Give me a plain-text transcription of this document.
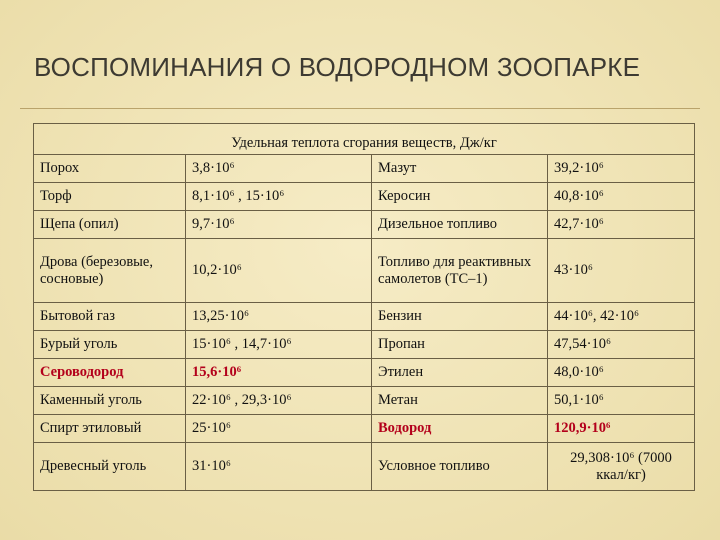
ВОСПОМИНАНИЯ О ВОДОРОДНОМ ЗООПАРКЕ
Удельная теплота сгорания веществ, Дж/кг			
Порох	3,8·10⁶	Мазут	39,2·10⁶
Торф	8,1·10⁶ , 15·10⁶	Керосин	40,8·10⁶
Щепа (опил)	9,7·10⁶	Дизельное топливо	42,7·10⁶
Дрова (березовые, сосновые)	10,2·10⁶	Топливо для реактивных самолетов (ТС–1)	43·10⁶
Бытовой газ	13,25·10⁶	Бензин	44·10⁶, 42·10⁶
Бурый уголь	15·10⁶ , 14,7·10⁶	Пропан	47,54·10⁶
Сероводород	15,6·10⁶	Этилен	48,0·10⁶
Каменный уголь	22·10⁶ , 29,3·10⁶	Метан	50,1·10⁶
Спирт этиловый	25·10⁶	Водород	120,9·10⁶
Древесный уголь	31·10⁶	Условное топливо	29,308·10⁶ (7000 ккал/кг)
